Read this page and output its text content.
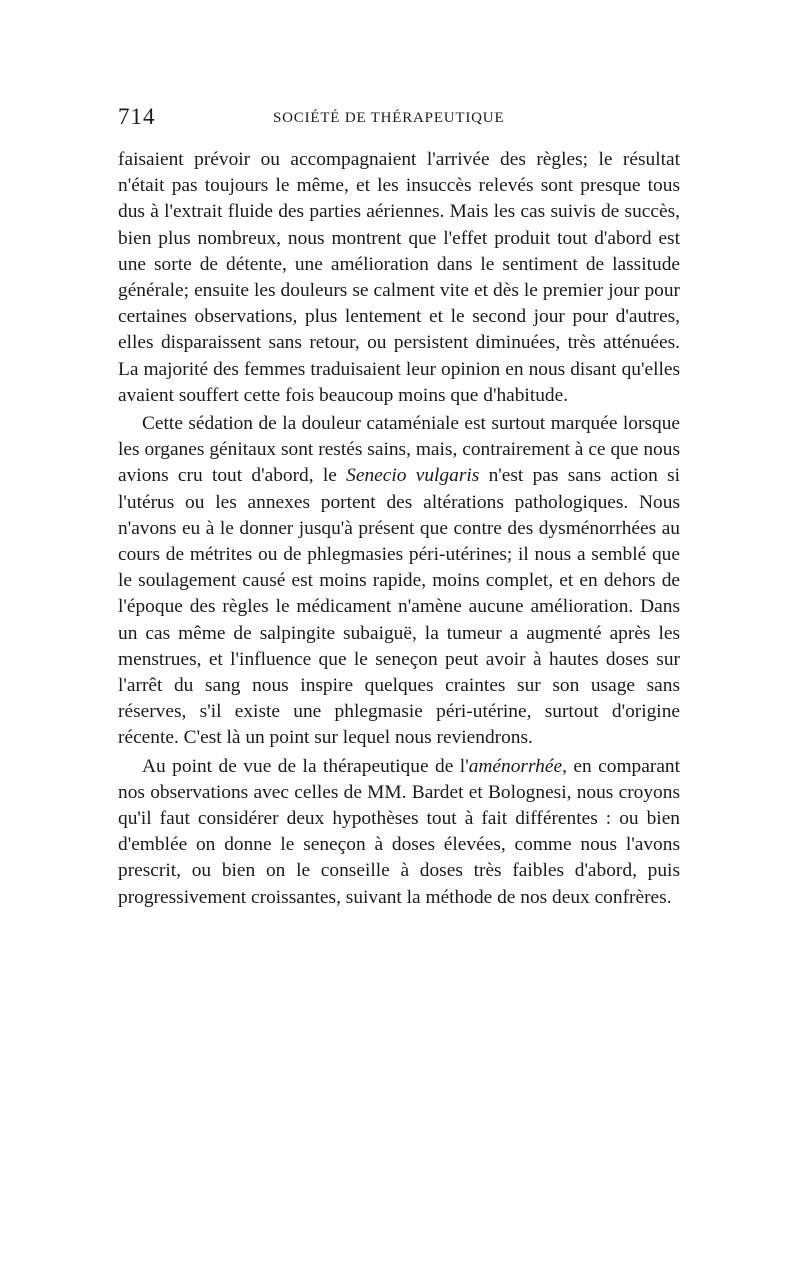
714	SOCIÉTÉ DE THÉRAPEUTIQUE

faisaient prévoir ou accompagnaient l'arrivée des règles; le résultat n'était pas toujours le même, et les insuccès relevés sont presque tous dus à l'extrait fluide des parties aériennes. Mais les cas suivis de succès, bien plus nombreux, nous montrent que l'effet produit tout d'abord est une sorte de détente, une amélioration dans le sentiment de lassitude générale; ensuite les douleurs se calment vite et dès le premier jour pour certaines observations, plus lentement et le second jour pour d'autres, elles disparaissent sans retour, ou persistent diminuées, très atténuées. La majorité des femmes traduisaient leur opinion en nous disant qu'elles avaient souffert cette fois beaucoup moins que d'habitude.

Cette sédation de la douleur cataméniale est surtout marquée lorsque les organes génitaux sont restés sains, mais, contrairement à ce que nous avions cru tout d'abord, le Senecio vulgaris n'est pas sans action si l'utérus ou les annexes portent des altérations pathologiques. Nous n'avons eu à le donner jusqu'à présent que contre des dysménorrhées au cours de métrites ou de phlegmasies péri-utérines; il nous a semblé que le soulagement causé est moins rapide, moins complet, et en dehors de l'époque des règles le médicament n'amène aucune amélioration. Dans un cas même de salpingite subaiguë, la tumeur a augmenté après les menstrues, et l'influence que le seneçon peut avoir à hautes doses sur l'arrêt du sang nous inspire quelques craintes sur son usage sans réserves, s'il existe une phlegmasie péri-utérine, surtout d'origine récente. C'est là un point sur lequel nous reviendrons.

Au point de vue de la thérapeutique de l'aménorrhée, en comparant nos observations avec celles de MM. Bardet et Bolognesi, nous croyons qu'il faut considérer deux hypothèses tout à fait différentes : ou bien d'emblée on donne le seneçon à doses élevées, comme nous l'avons prescrit, ou bien on le conseille à doses très faibles d'abord, puis progressivement croissantes, suivant la méthode de nos deux confrères.
